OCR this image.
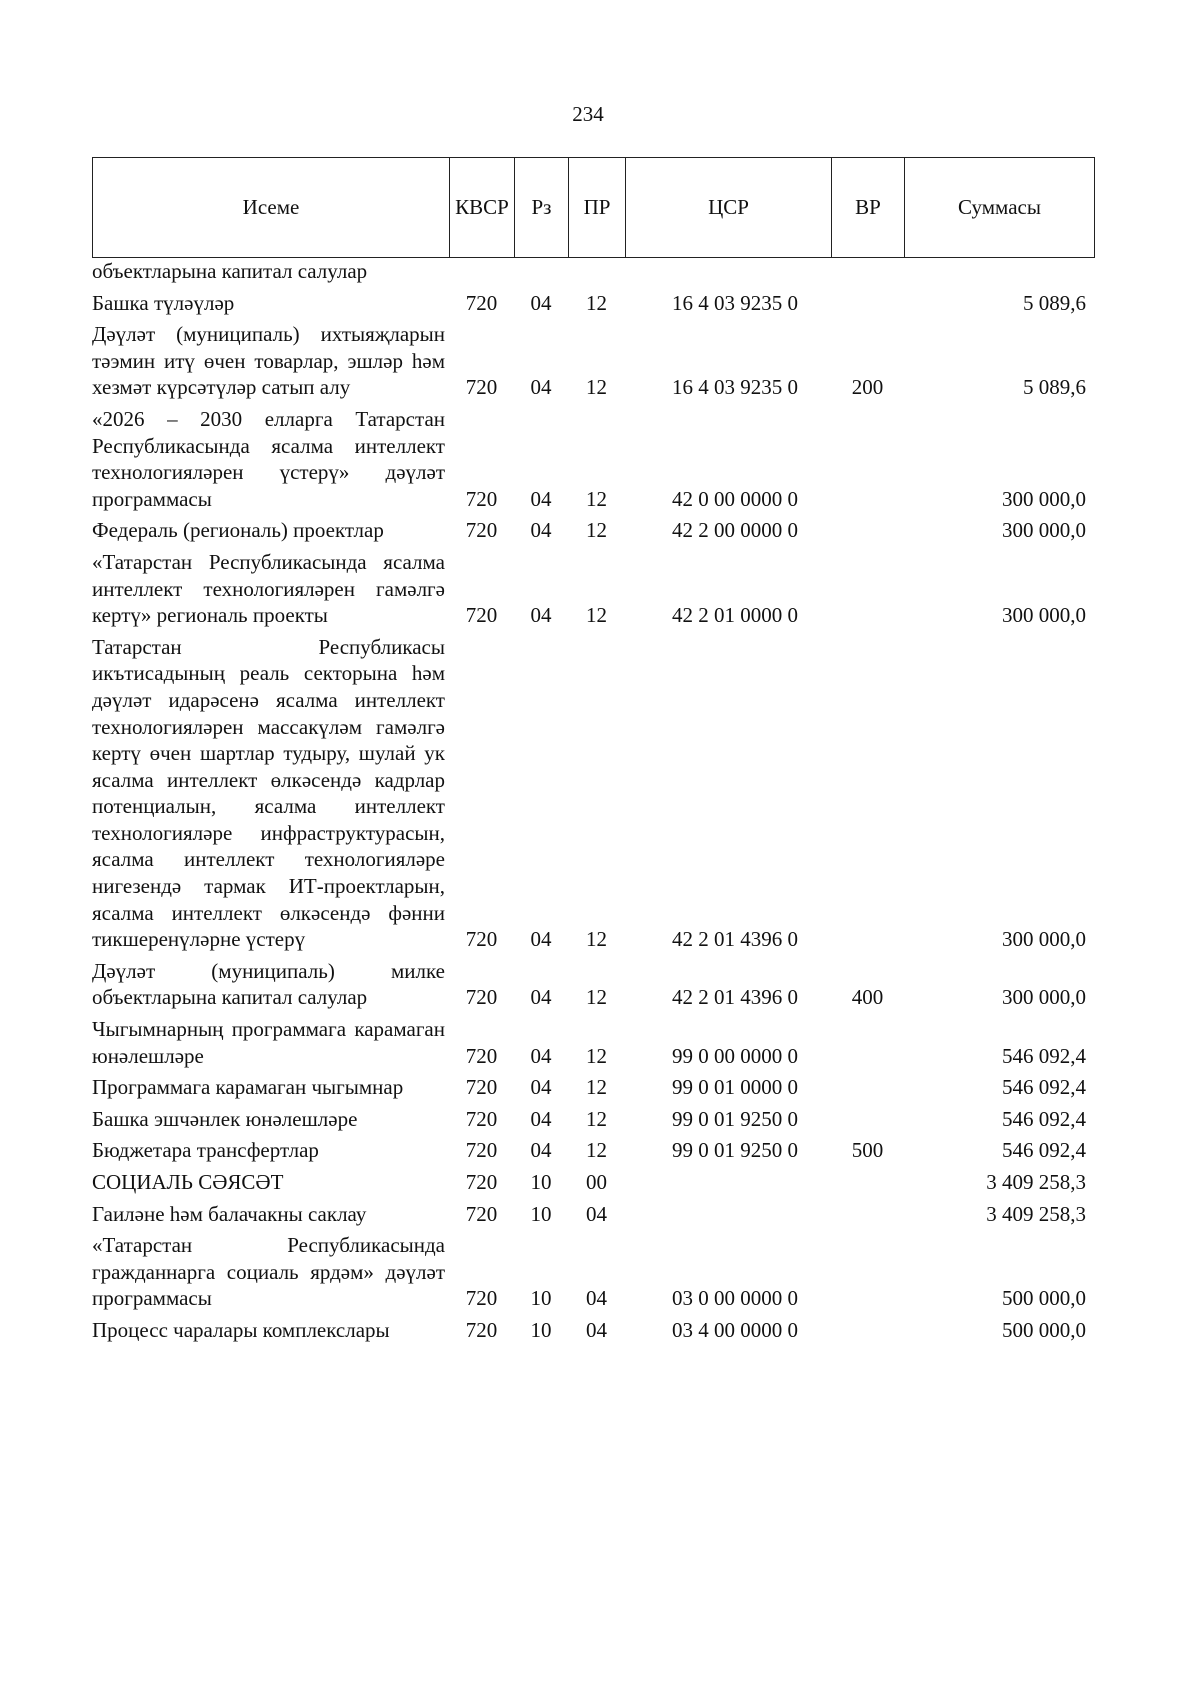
234
Исеме	КВСР	Рз	ПР	ЦСР	ВР	Суммасы
объектларына капитал салулар						
Башка түләүләр	720	04	12	16 4 03 9235 0		5 089,6
Дәүләт (муниципаль) ихтыяҗларын тәэмин итү өчен товарлар, эшләр һәм хезмәт күрсәтүләр сатып алу	720	04	12	16 4 03 9235 0	200	5 089,6
«2026 – 2030 елларга Татарстан Республикасында ясалма интеллект технологияләрен үстерү» дәүләт программасы	720	04	12	42 0 00 0000 0		300 000,0
Федераль (региональ) проектлар	720	04	12	42 2 00 0000 0		300 000,0
«Татарстан Республикасында ясалма интеллект технологияләрен гамәлгә кертү» региональ проекты	720	04	12	42 2 01 0000 0		300 000,0
Татарстан Республикасы икътисадының реаль секторына һәм дәүләт идарәсенә ясалма интеллект технологияләрен массакүләм гамәлгә кертү өчен шартлар тудыру, шулай ук ясалма интеллект өлкәсендә кадрлар потенциалын, ясалма интеллект технологияләре инфраструктурасын, ясалма интеллект технологияләре нигезендә тармак ИТ-проектларын, ясалма интеллект өлкәсендә фәнни тикшеренүләрне үстерү	720	04	12	42 2 01 4396 0		300 000,0
Дәүләт (муниципаль) милке объектларына капитал салулар	720	04	12	42 2 01 4396 0	400	300 000,0
Чыгымнарның программага карамаган юнәлешләре	720	04	12	99 0 00 0000 0		546 092,4
Программага карамаган чыгымнар	720	04	12	99 0 01 0000 0		546 092,4
Башка эшчәнлек юнәлешләре	720	04	12	99 0 01 9250 0		546 092,4
Бюджетара трансфертлар	720	04	12	99 0 01 9250 0	500	546 092,4
СОЦИАЛЬ СӘЯСӘТ	720	10	00			3 409 258,3
Гаиләне һәм балачакны саклау	720	10	04			3 409 258,3
«Татарстан Республикасында гражданнарга социаль ярдәм» дәүләт программасы	720	10	04	03 0 00 0000 0		500 000,0
Процесс чаралары комплекслары	720	10	04	03 4 00 0000 0		500 000,0
